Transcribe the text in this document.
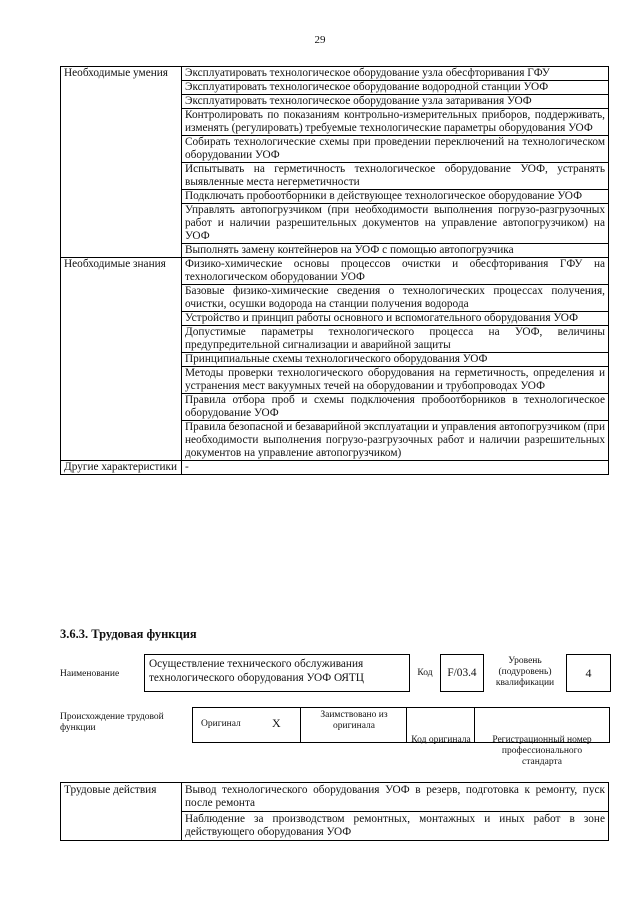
29
Необходимые умения	Эксплуатировать технологическое оборудование узла обесфторивания ГФУ
	Эксплуатировать технологическое оборудование водородной станции УОФ
	Эксплуатировать технологическое оборудование узла затаривания УОФ
	Контролировать по показаниям контрольно-измерительных приборов, поддерживать, изменять (регулировать) требуемые технологические параметры оборудования УОФ
	Собирать технологические схемы при проведении переключений на технологическом оборудовании УОФ
	Испытывать на герметичность технологическое оборудование УОФ, устранять выявленные места негерметичности
	Подключать пробоотборники в действующее технологическое оборудование УОФ
	Управлять автопогрузчиком (при необходимости выполнения погрузо-разгрузочных работ и наличии разрешительных документов на управление автопогрузчиком) на УОФ
	Выполнять замену контейнеров на УОФ с помощью автопогрузчика
Необходимые знания	Физико-химические основы процессов очистки и обесфторивания ГФУ на технологическом оборудовании УОФ
	Базовые физико-химические сведения о технологических процессах получения, очистки, осушки водорода на станции получения водорода
	Устройство и принцип работы основного и вспомогательного оборудования УОФ
	Допустимые параметры технологического процесса на УОФ, величины предупредительной сигнализации и аварийной защиты
	Принципиальные схемы технологического оборудования УОФ
	Методы проверки технологического оборудования на герметичность, определения и устранения мест вакуумных течей на оборудовании и трубопроводах УОФ
	Правила отбора проб и схемы подключения пробоотборников в технологическое оборудование УОФ
	Правила безопасной и безаварийной эксплуатации и управления автопогрузчиком (при необходимости выполнения погрузо-разгрузочных работ и наличии разрешительных документов на управление автопогрузчиком)
Другие характеристики	-
3.6.3. Трудовая функция
Наименование
Осуществление технического обслуживания технологического оборудования УОФ ОЯТЦ	Код	F/03.4
Уровень (подуровень) квалификации
4
Происхождение трудовой функции	Оригинал	X
Заимствовано из оригинала
Код оригинала	Регистрационный номер профессионального стандарта
Трудовые действия	Вывод технологического оборудования УОФ в резерв, подготовка к ремонту, пуск после ремонта
Наблюдение за производством ремонтных, монтажных и иных работ в зоне действующего оборудования УОФ
